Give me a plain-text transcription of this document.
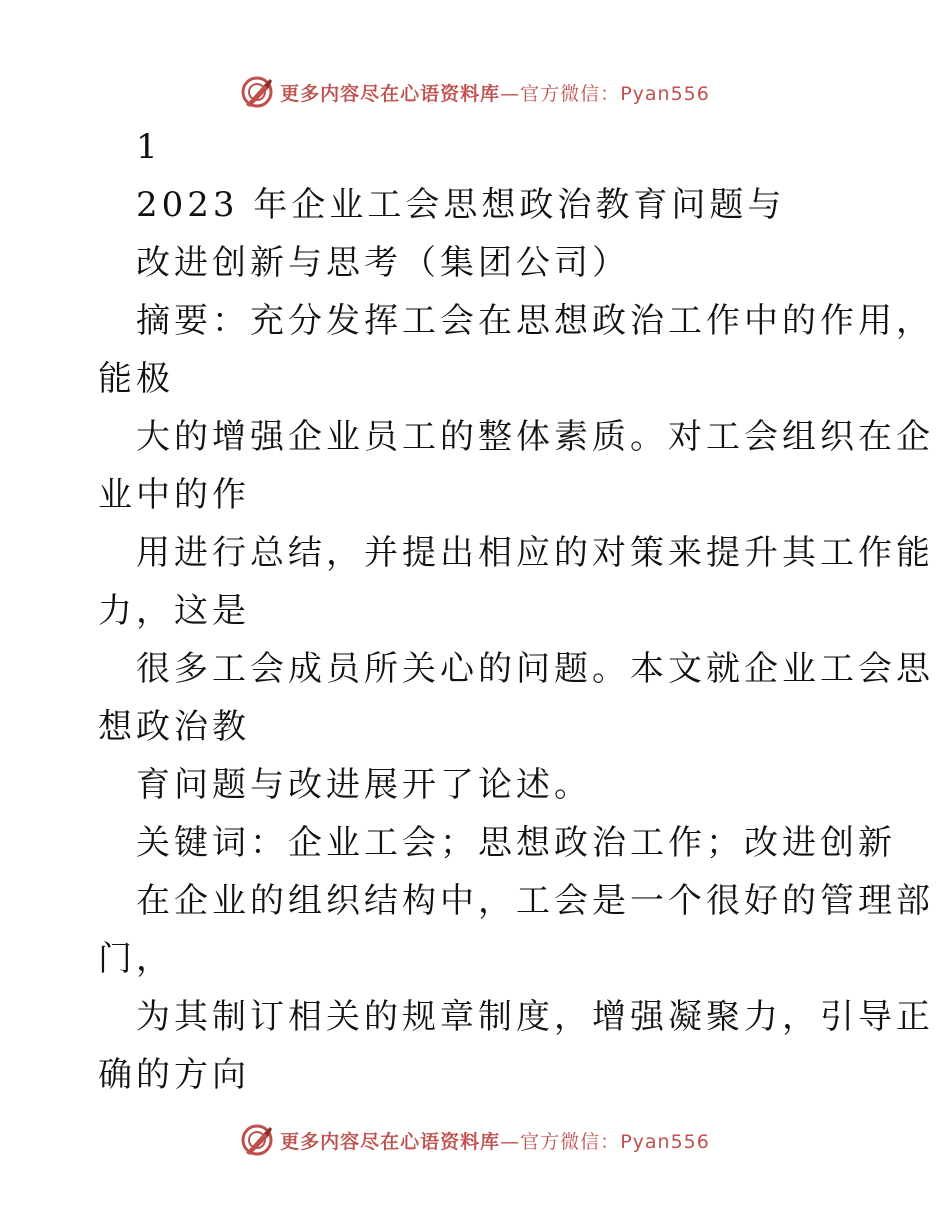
更多内容尽在心语资料库—官方微信：Pyan556
1
2023 年企业工会思想政治教育问题与
改进创新与思考（集团公司）
摘要：充分发挥工会在思想政治工作中的作用，
能极
大的增强企业员工的整体素质。对工会组织在企
业中的作
用进行总结，并提出相应的对策来提升其工作能
力，这是
很多工会成员所关心的问题。本文就企业工会思
想政治教
育问题与改进展开了论述。
关键词：企业工会；思想政治工作；改进创新
在企业的组织结构中，工会是一个很好的管理部
门，
为其制订相关的规章制度，增强凝聚力，引导正
确的方向
更多内容尽在心语资料库—官方微信：Pyan556
